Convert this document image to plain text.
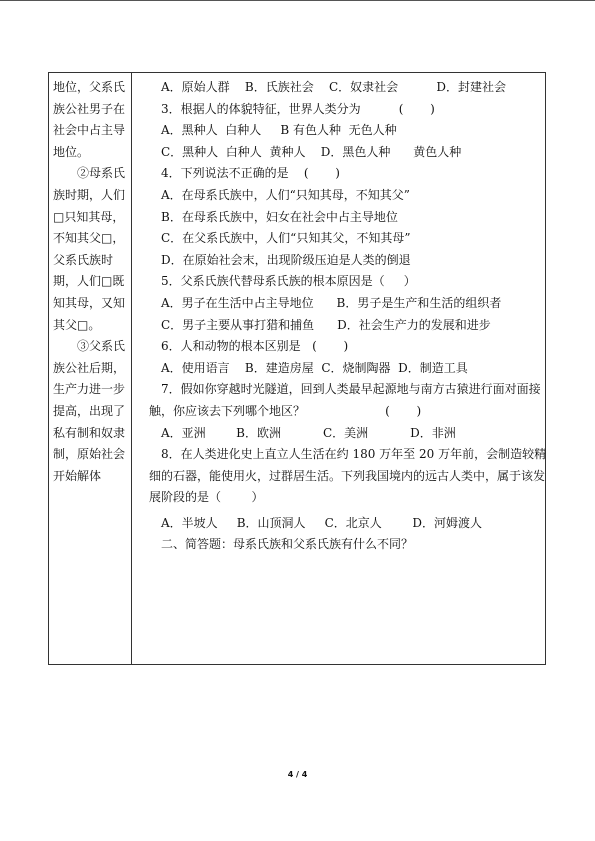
地位，父系氏

族公社男子在

社会中占主导

地位。

②母系氏

族时期，人们

□只知其母，

不知其父□，

父系氏族时

期，人们□既

知其母，又知

其父□。

③父系氏

族公社后期，

生产力进一步

提高，出现了

私有制和奴隶

制，原始社会

开始解体

A．原始人群    B．氏族社会    C．奴隶社会          D．封建社会

3．根据人的体貌特征，世界人类分为          (       )

A．黑种人  白种人     B 有色人种  无色人种

C．黑种人  白种人  黄种人    D．黑色人种      黄色人种

4．下列说法不正确的是    (       )

A．在母系氏族中，人们“只知其母，不知其父”

B．在母系氏族中，妇女在社会中占主导地位

C．在父系氏族中，人们“只知其父，不知其母”

D．在原始社会末，出现阶级压迫是人类的倒退

5．父系氏族代替母系氏族的根本原因是（     ）

A．男子在生活中占主导地位      B．男子是生产和生活的组织者

C．男子主要从事打猎和捕鱼      D．社会生产力的发展和进步

6．人和动物的根本区别是   (       )

A．使用语言    B．建造房屋  C．烧制陶器  D．制造工具

7．假如你穿越时光隧道，回到人类最早起源地与南方古猿进行面对面接

触，你应该去下列哪个地区？                     (       )

A．亚洲        B．欧洲           C．美洲           D．非洲

8．在人类进化史上直立人生活在约 180 万年至 20 万年前，会制造较精

细的石器，能使用火，过群居生活。下列我国境内的远古人类中，属于该发

展阶段的是（        ）

A．半坡人     B．山顶洞人     C．北京人        D．河姆渡人

二、简答题：母系氏族和父系氏族有什么不同？

4 / 4
